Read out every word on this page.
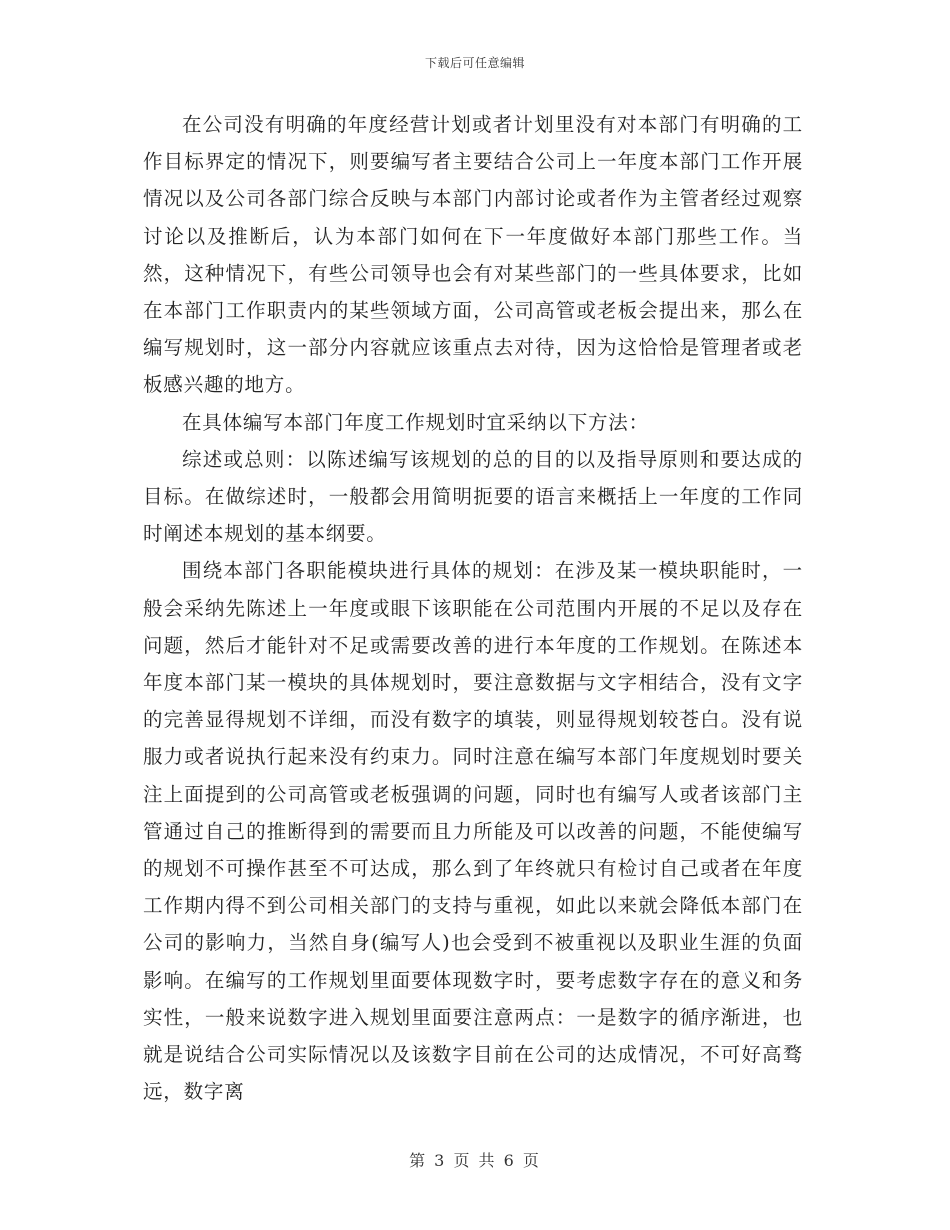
下载后可任意编辑

在公司没有明确的年度经营计划或者计划里没有对本部门有明确的工作目标界定的情况下，则要编写者主要结合公司上一年度本部门工作开展情况以及公司各部门综合反映与本部门内部讨论或者作为主管者经过观察讨论以及推断后，认为本部门如何在下一年度做好本部门那些工作。当然，这种情况下，有些公司领导也会有对某些部门的一些具体要求，比如在本部门工作职责内的某些领域方面，公司高管或老板会提出来，那么在编写规划时，这一部分内容就应该重点去对待，因为这恰恰是管理者或老板感兴趣的地方。

在具体编写本部门年度工作规划时宜采纳以下方法：

综述或总则：以陈述编写该规划的总的目的以及指导原则和要达成的目标。在做综述时，一般都会用简明扼要的语言来概括上一年度的工作同时阐述本规划的基本纲要。

围绕本部门各职能模块进行具体的规划：在涉及某一模块职能时，一般会采纳先陈述上一年度或眼下该职能在公司范围内开展的不足以及存在问题，然后才能针对不足或需要改善的进行本年度的工作规划。在陈述本年度本部门某一模块的具体规划时，要注意数据与文字相结合，没有文字的完善显得规划不详细，而没有数字的填装，则显得规划较苍白。没有说服力或者说执行起来没有约束力。同时注意在编写本部门年度规划时要关注上面提到的公司高管或老板强调的问题，同时也有编写人或者该部门主管通过自己的推断得到的需要而且力所能及可以改善的问题，不能使编写的规划不可操作甚至不可达成，那么到了年终就只有检讨自己或者在年度工作期内得不到公司相关部门的支持与重视，如此以来就会降低本部门在公司的影响力，当然自身(编写人)也会受到不被重视以及职业生涯的负面影响。在编写的工作规划里面要体现数字时，要考虑数字存在的意义和务实性，一般来说数字进入规划里面要注意两点：一是数字的循序渐进，也就是说结合公司实际情况以及该数字目前在公司的达成情况，不可好高骛远，数字离

第 3 页 共 6 页
